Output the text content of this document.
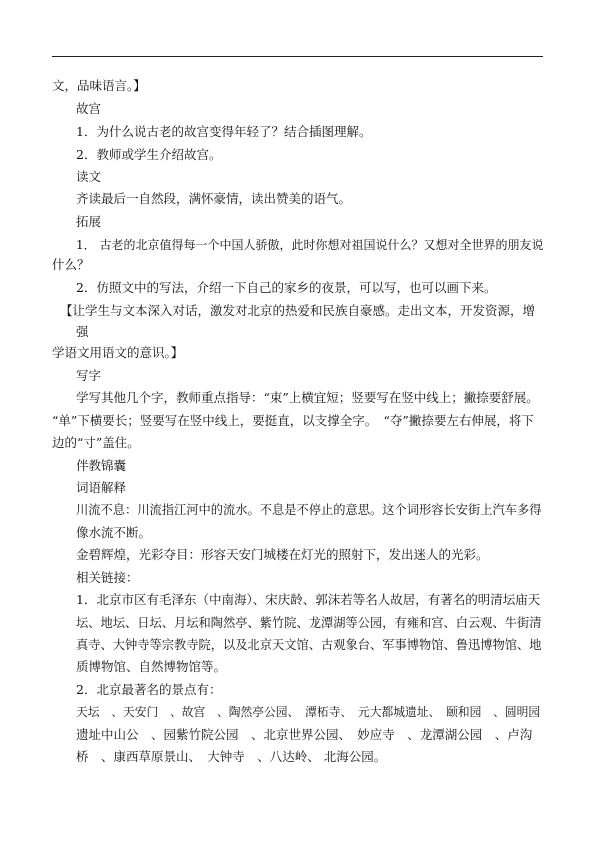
文，品味语言。】
故宫
1．为什么说古老的故宫变得年轻了？结合插图理解。
2．教师或学生介绍故宫。
读文
齐读最后一自然段，满怀豪情，读出赞美的语气。
拓展
1． 古老的北京值得每一个中国人骄傲，此时你想对祖国说什么？又想对全世界的朋友说
什么？
2．仿照文中的写法，介绍一下自己的家乡的夜景，可以写，也可以画下来。
【让学生与文本深入对话，激发对北京的热爱和民族自豪感。走出文本，开发资源，增
强
学语文用语文的意识。】
写字
学写其他几个字，教师重点指导：“束”上横宜短；竖要写在竖中线上；撇捺要舒展。
“单”下横要长；竖要写在竖中线上，要挺直，以支撑全字。　“夺”撇捺要左右伸展，将下
边的“寸”盖住。
伴教锦囊
词语解释
川流不息：川流指江河中的流水。不息是不停止的意思。这个词形容长安街上汽车多得
像水流不断。
金碧辉煌，光彩夺目：形容天安门城楼在灯光的照射下，发出迷人的光彩。
相关链接：
1．北京市区有毛泽东（中南海）、宋庆龄、郭沫若等名人故居，有著名的明清坛庙天
坛、地坛、日坛、月坛和陶然亭、紫竹院、龙潭湖等公园，有雍和宫、白云观、牛街清
真寺、大钟寺等宗教寺院，以及北京天文馆、古观象台、军事博物馆、鲁迅博物馆、地
质博物馆、自然博物馆等。
2．北京最著名的景点有：
天坛　、天安门　、故宫　、陶然亭公园、　潭柘寺、　元大都城遗址、　颐和园　、圆明园
遗址中山公　、园紫竹院公园　、北京世界公园、　妙应寺　、龙潭湖公园　、卢沟
桥　、康西草原景山、　大钟寺　、八达岭、 北海公园。
